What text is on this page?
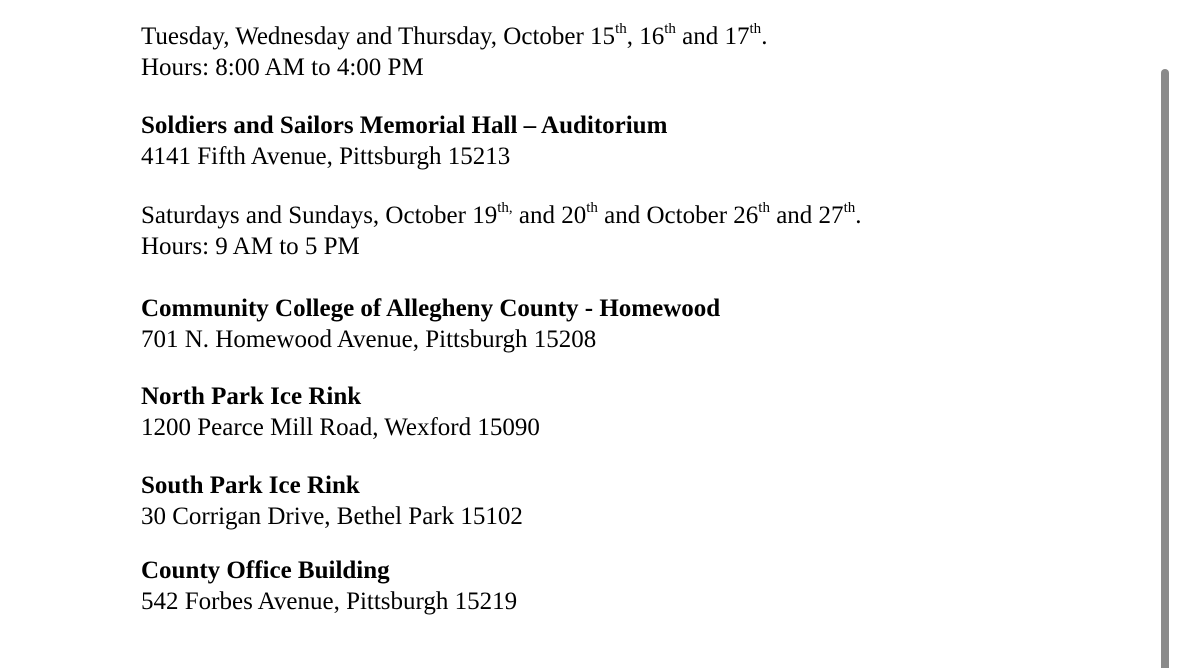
Tuesday, Wednesday and Thursday, October 15th, 16th and 17th.
Hours: 8:00 AM to 4:00 PM
Soldiers and Sailors Memorial Hall – Auditorium
4141 Fifth Avenue, Pittsburgh 15213
Saturdays and Sundays, October $19^{th,}$ and 20th and October 26th and 27th.
Hours: 9 AM to 5 PM
Community College of Allegheny County - Homewood
701 N. Homewood Avenue, Pittsburgh 15208
North Park Ice Rink
1200 Pearce Mill Road, Wexford 15090
South Park Ice Rink
30 Corrigan Drive, Bethel Park 15102
County Office Building
542 Forbes Avenue, Pittsburgh 15219
